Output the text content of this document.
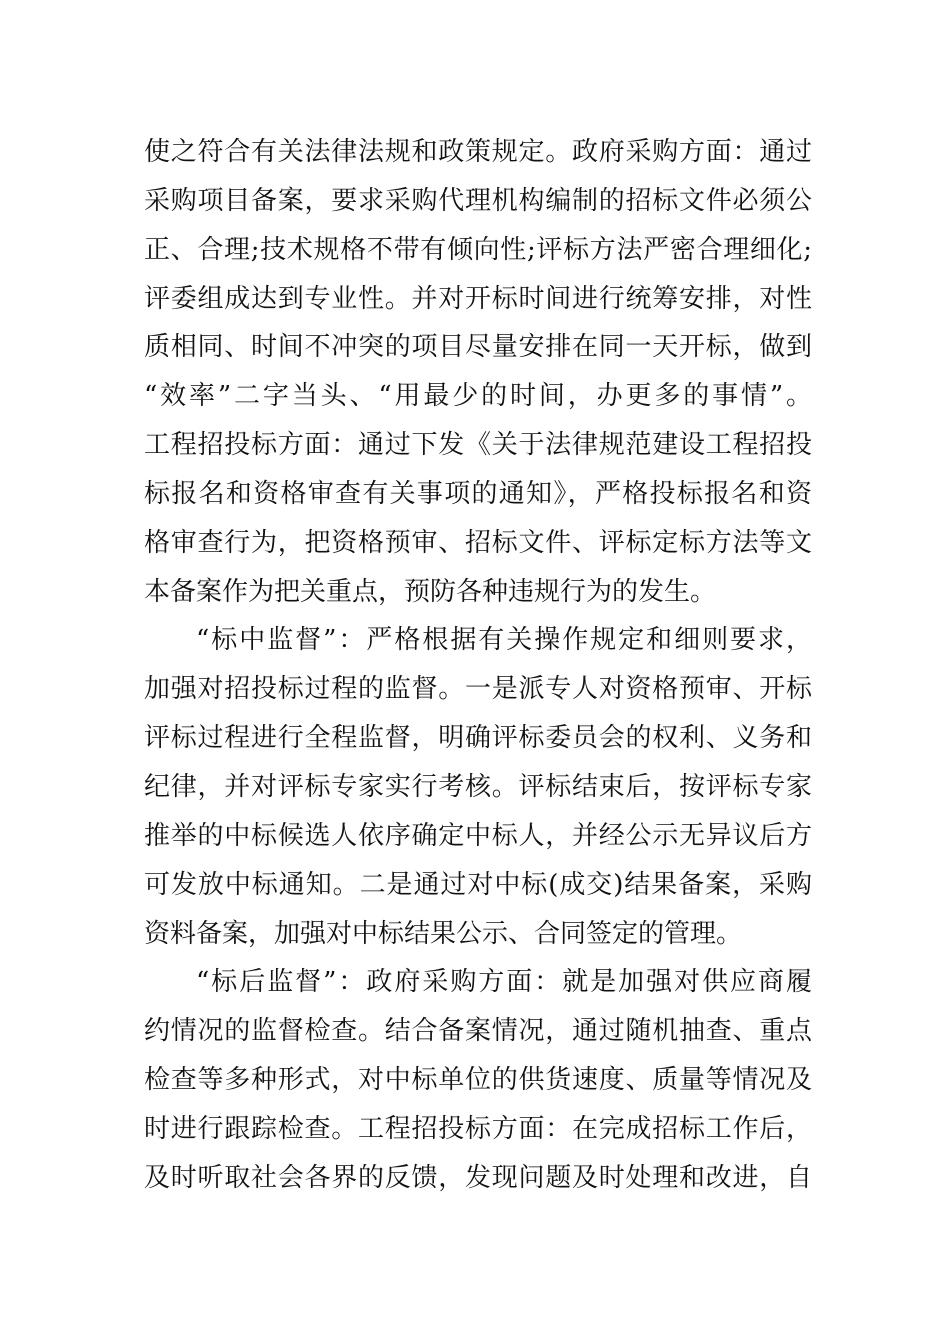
使之符合有关法律法规和政策规定。政府采购方面：通过
采购项目备案，要求采购代理机构编制的招标文件必须公
正、合理;技术规格不带有倾向性;评标方法严密合理细化;
评委组成达到专业性。并对开标时间进行统筹安排，对性
质相同、时间不冲突的项目尽量安排在同一天开标，做到
“效率”二字当头、“用最少的时间，办更多的事情”。
工程招投标方面：通过下发《关于法律规范建设工程招投
标报名和资格审查有关事项的通知》，严格投标报名和资
格审查行为，把资格预审、招标文件、评标定标方法等文
本备案作为把关重点，预防各种违规行为的发生。
“标中监督”：严格根据有关操作规定和细则要求，
加强对招投标过程的监督。一是派专人对资格预审、开标
评标过程进行全程监督，明确评标委员会的权利、义务和
纪律，并对评标专家实行考核。评标结束后，按评标专家
推举的中标候选人依序确定中标人，并经公示无异议后方
可发放中标通知。二是通过对中标(成交)结果备案，采购
资料备案，加强对中标结果公示、合同签定的管理。
“标后监督”：政府采购方面：就是加强对供应商履
约情况的监督检查。结合备案情况，通过随机抽查、重点
检查等多种形式，对中标单位的供货速度、质量等情况及
时进行跟踪检查。工程招投标方面：在完成招标工作后，
及时听取社会各界的反馈，发现问题及时处理和改进，自
